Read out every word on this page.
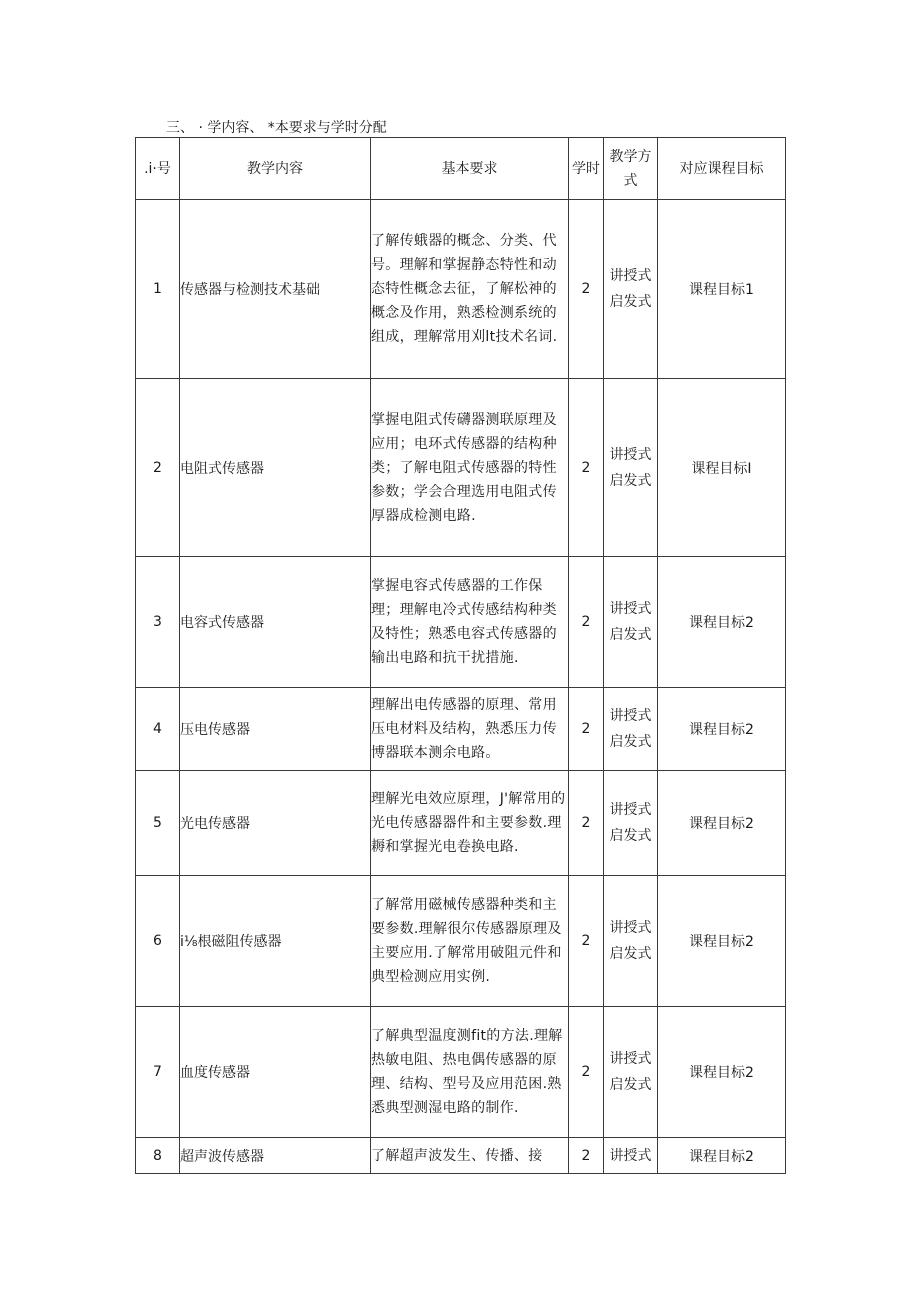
三、 · 学内容、 *本要求与学时分配
.i·号	教学内容	基本要求	学时	教学方式	对应课程目标
1	传感器与检测技术基础	了解传蛾器的概念、分类、代号。理解和掌握静态特性和动态特性概念去征，了解松神的概念及作用，熟悉检测系统的组成，理解常用刈lt技术名词.	2	讲授式启发式	课程目标1
2	电阻式传感器	掌握电阻式传礴器测联原理及应用；电环式传感器的结构种类；了解电阻式传感器的特性参数；学会合理选用电阻式传厚器成检测电路.	2	讲授式启发式	课程目标I
3	电容式传感器	掌握电容式传感器的工作保理；理解电冷式传感结构种类及特性；熟悉电容式传感器的输出电路和抗干扰措施.	2	讲授式启发式	课程目标2
4	压电传感器	理解出电传感器的原理、常用压电材料及结构，熟悉压力传博器联本测余电路。	2	讲授式启发式	课程目标2
5	光电传感器	理解光电效应原理，J'解常用的光电传感器器件和主要参数.理耨和掌握光电卷换电路.	2	讲授式启发式	课程目标2
6	i⅛根磁阻传感器	了解常用磁械传感器种类和主要参数.理解很尔传感器原理及主要应用.了解常用破阻元件和典型检测应用实例.	2	讲授式启发式	课程目标2
7	血度传感器	了解典型温度测fit的方法.理解热敏电阻、热电偶传感器的原理、结构、型号及应用范困.熟悉典型测湿电路的制作.	2	讲授式启发式	课程目标2
8	超声波传感器	了解超声波发生、传播、接	2	讲授式	课程目标2
